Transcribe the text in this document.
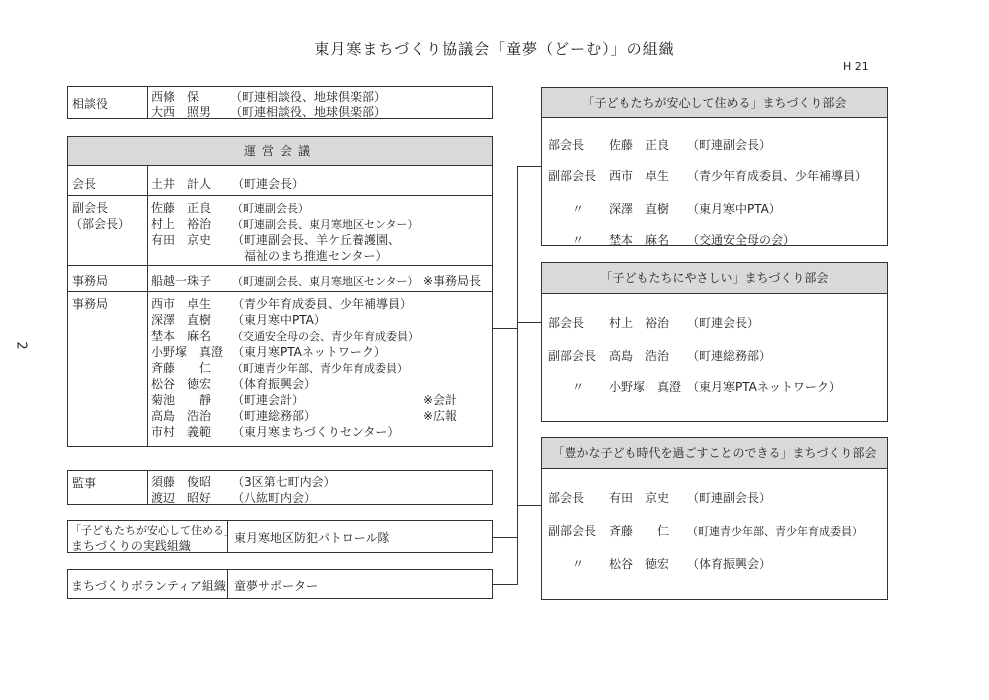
東月寒まちづくり協議会「童夢（どーむ）」の組織
H 21
2
相談役	西條　保	（町連相談役、地球倶楽部）
大西　照男 （町連相談役、地球倶楽部）
運営会議
会長	土井　計人 （町連会長）
副会長
（部会長）
佐藤　正良 （町連副会長）
村上　裕治 （町連副会長、東月寒地区センター）
有田　京史 （町連副会長、羊ケ丘養護園、
福祉のまち推進センター）
事務局	船越一珠子 （町連副会長、東月寒地区センター） ※事務局長
事務局	西市　卓生 （青少年育成委員、少年補導員）
深澤　直樹 （東月寒中PTA）
埜本　麻名 （交通安全母の会、青少年育成委員）
小野塚　真澄 （東月寒PTAネットワーク）
斉藤　　仁 （町連青少年部、青少年育成委員）
松谷　徳宏 （体育振興会）
菊池　　靜 （町連会計）	※会計
高島　浩治 （町連総務部）	※広報
市村　義範 （東月寒まちづくりセンター）
監事	須藤　俊昭 （3区第七町内会）
渡辺　昭好 （八紘町内会）
「子どもたちが安心して住める」
まちづくりの実践組織
東月寒地区防犯パトロール隊
まちづくりボランティア組織 童夢サポーター
「子どもたちが安心して住める」まちづくり部会
部会長 佐藤　正良 （町連副会長）
副部会長 西市　卓生 （青少年育成委員、少年補導員）
〃 深澤　直樹 （東月寒中PTA）
〃 埜本　麻名 （交通安全母の会）
「子どもたちにやさしい」まちづくり部会
部会長 村上　裕治 （町連会長）
副部会長 高島　浩治 （町連総務部）
〃 小野塚　真澄 （東月寒PTAネットワーク）
「豊かな子ども時代を過ごすことのできる」まちづくり部会
部会長 有田　京史 （町連副会長）
副部会長 斉藤　　仁 （町連青少年部、青少年育成委員）
〃 松谷　徳宏 （体育振興会）
